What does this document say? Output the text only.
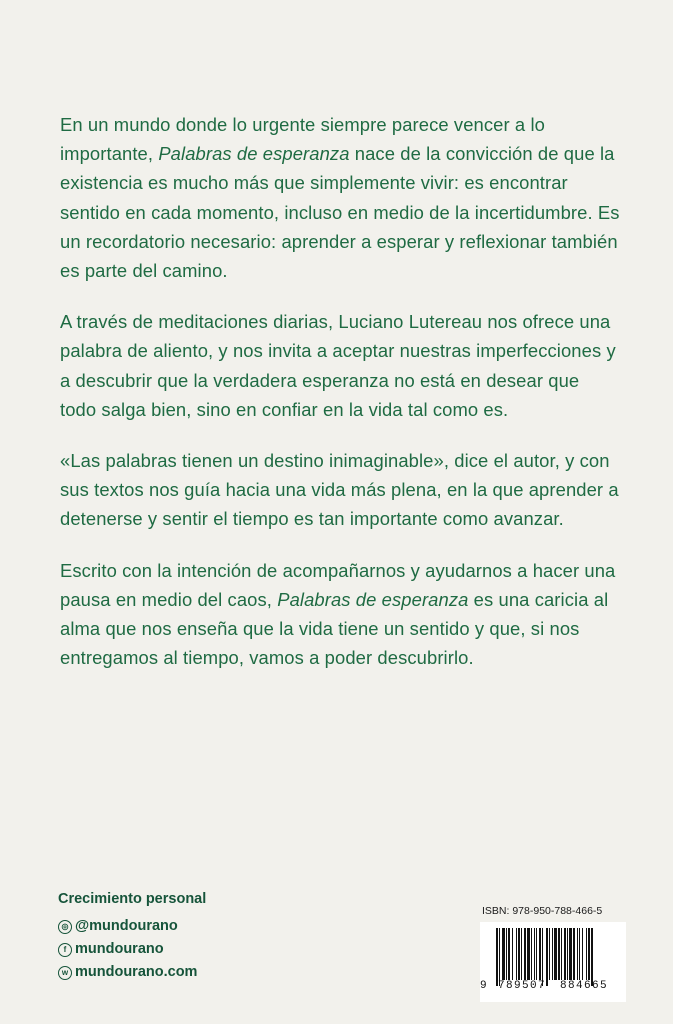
En un mundo donde lo urgente siempre parece vencer a lo importante, Palabras de esperanza nace de la convicción de que la existencia es mucho más que simplemente vivir: es encontrar sentido en cada momento, incluso en medio de la incertidumbre. Es un recordatorio necesario: aprender a esperar y reflexionar también es parte del camino.

A través de meditaciones diarias, Luciano Lutereau nos ofrece una palabra de aliento, y nos invita a aceptar nuestras imperfecciones y a descubrir que la verdadera esperanza no está en desear que todo salga bien, sino en confiar en la vida tal como es.

«Las palabras tienen un destino inimaginable», dice el autor, y con sus textos nos guía hacia una vida más plena, en la que aprender a detenerse y sentir el tiempo es tan importante como avanzar.

Escrito con la intención de acompañarnos y ayudarnos a hacer una pausa en medio del caos, Palabras de esperanza es una caricia al alma que nos enseña que la vida tiene un sentido y que, si nos entregamos al tiempo, vamos a poder descubrirlo.

Crecimiento personal
◎ @mundourano
f mundourano
w mundourano.com
ISBN: 978-950-788-466-5
9 789507 884665
